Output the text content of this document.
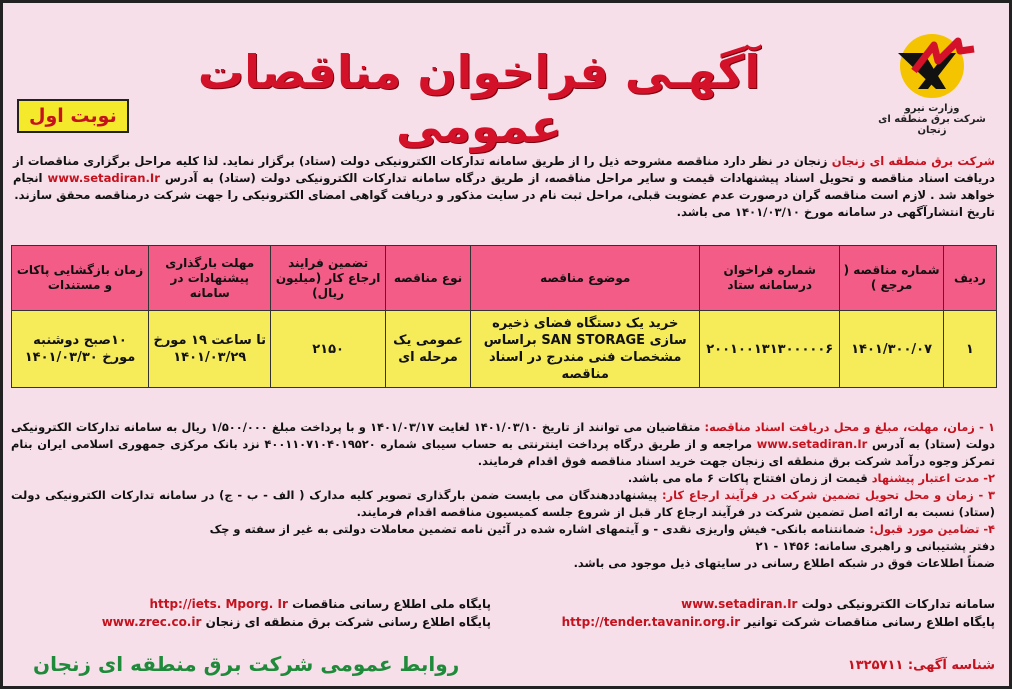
وزارت نیرو
شرکت برق منطقه ای زنجان
آگهـی فراخوان مناقصات عمومی
نوبت اول
شرکت برق منطقه ای زنجان زنجان در نظر دارد مناقصه مشروحه ذیل را از طریق سامانه تدارکات الکترونیکی دولت (ستاد) برگزار نماید. لذا کلیه مراحل برگزاری مناقصات از دریافت اسناد مناقصه و تحویل اسناد پیشنهادات قیمت و سایر مراحل مناقصه، از طریق درگاه سامانه تدارکات الکترونیکی دولت (ستاد) به آدرس www.setadiran.Ir انجام خواهد شد . لازم است مناقصه گران درصورت عدم عضویت قبلی، مراحل ثبت نام در سایت مذکور و دریافت گواهی امضای الکترونیکی را جهت شرکت درمناقصه محقق سازند.
تاریخ انتشارآگهی در سامانه مورخ ۱۴۰۱/۰۳/۱۰ می باشد.
ردیف	شماره مناقصه ( مرجع )	شماره فراخوان درسامانه ستاد	موضوع مناقصه	نوع مناقصه	تضمین فرایند ارجاع کار (میلیون ریال)	مهلت بارگذاری پیشنهادات در سامانه	زمان بازگشایی پاکات و مستندات
۱	۱۴۰۱/۳۰۰/۰۷	۲۰۰۱۰۰۱۳۱۳۰۰۰۰۰۶	خرید یک دستگاه فضای ذخیره سازی SAN STORAGE براساس مشخصات فنی مندرج در اسناد مناقصه	عمومی یک مرحله ای	۲۱۵۰	تا ساعت ۱۹ مورخ ۱۴۰۱/۰۳/۲۹	۱۰صبح دوشنبه مورخ ۱۴۰۱/۰۳/۳۰

۱ - زمان، مهلت، مبلغ و محل دریافت اسناد مناقصه: متقاضیان می توانند از تاریخ ۱۴۰۱/۰۳/۱۰ لغایت ۱۴۰۱/۰۳/۱۷ و با پرداخت مبلغ ۱/۵۰۰/۰۰۰ ریال به سامانه تدارکات الکترونیکی دولت (ستاد) به آدرس www.setadiran.Ir مراجعه و از طریق درگاه پرداخت اینترنتی به حساب سیبای شماره ۴۰۰۱۱۰۷۱۰۴۰۱۹۵۲۰ نزد بانک مرکزی جمهوری اسلامی ایران بنام تمرکز وجوه درآمد شرکت برق منطقه ای زنجان جهت خرید اسناد مناقصه فوق اقدام فرمایند.

۲- مدت اعتبار پیشنهاد قیمت از زمان افتتاح پاکات ۶ ماه می باشد.

۳ - زمان و محل تحویل تضمین شرکت در فرآیند ارجاع کار: پیشنهاددهندگان می بایست ضمن بارگذاری تصویر کلیه مدارک ( الف - ب - ج) در سامانه تدارکات الکترونیکی دولت (ستاد) نسبت به ارائه اصل تضمین شرکت در فرآیند ارجاع کار قبل از شروع جلسه کمیسیون مناقصه اقدام فرمایند.

۴- تضامین مورد قبول: ضمانتنامه بانکی- فیش واریزی نقدی - و آیتمهای اشاره شده در آئین نامه تضمین معاملات دولتی به غیر از سفته و چک

دفتر پشتیبانی و راهبری سامانه: ۱۴۵۶ - ۲۱

ضمناً اطلاعات فوق در شبکه اطلاع رسانی در سایتهای ذیل موجود می باشد.

سامانه تدارکات الکترونیکی دولت www.setadiran.Ir
پایگاه اطلاع رسانی مناقصات شرکت توانیر http://tender.tavanir.org.ir
پایگاه ملی اطلاع رسانی مناقصات http://iets. Mporg. Ir
پایگاه اطلاع رسانی شرکت برق منطقه ای زنجان www.zrec.co.ir
شناسه آگهی: ۱۳۲۵۷۱۱
روابط عمومی شرکت برق منطقه ای زنجان
